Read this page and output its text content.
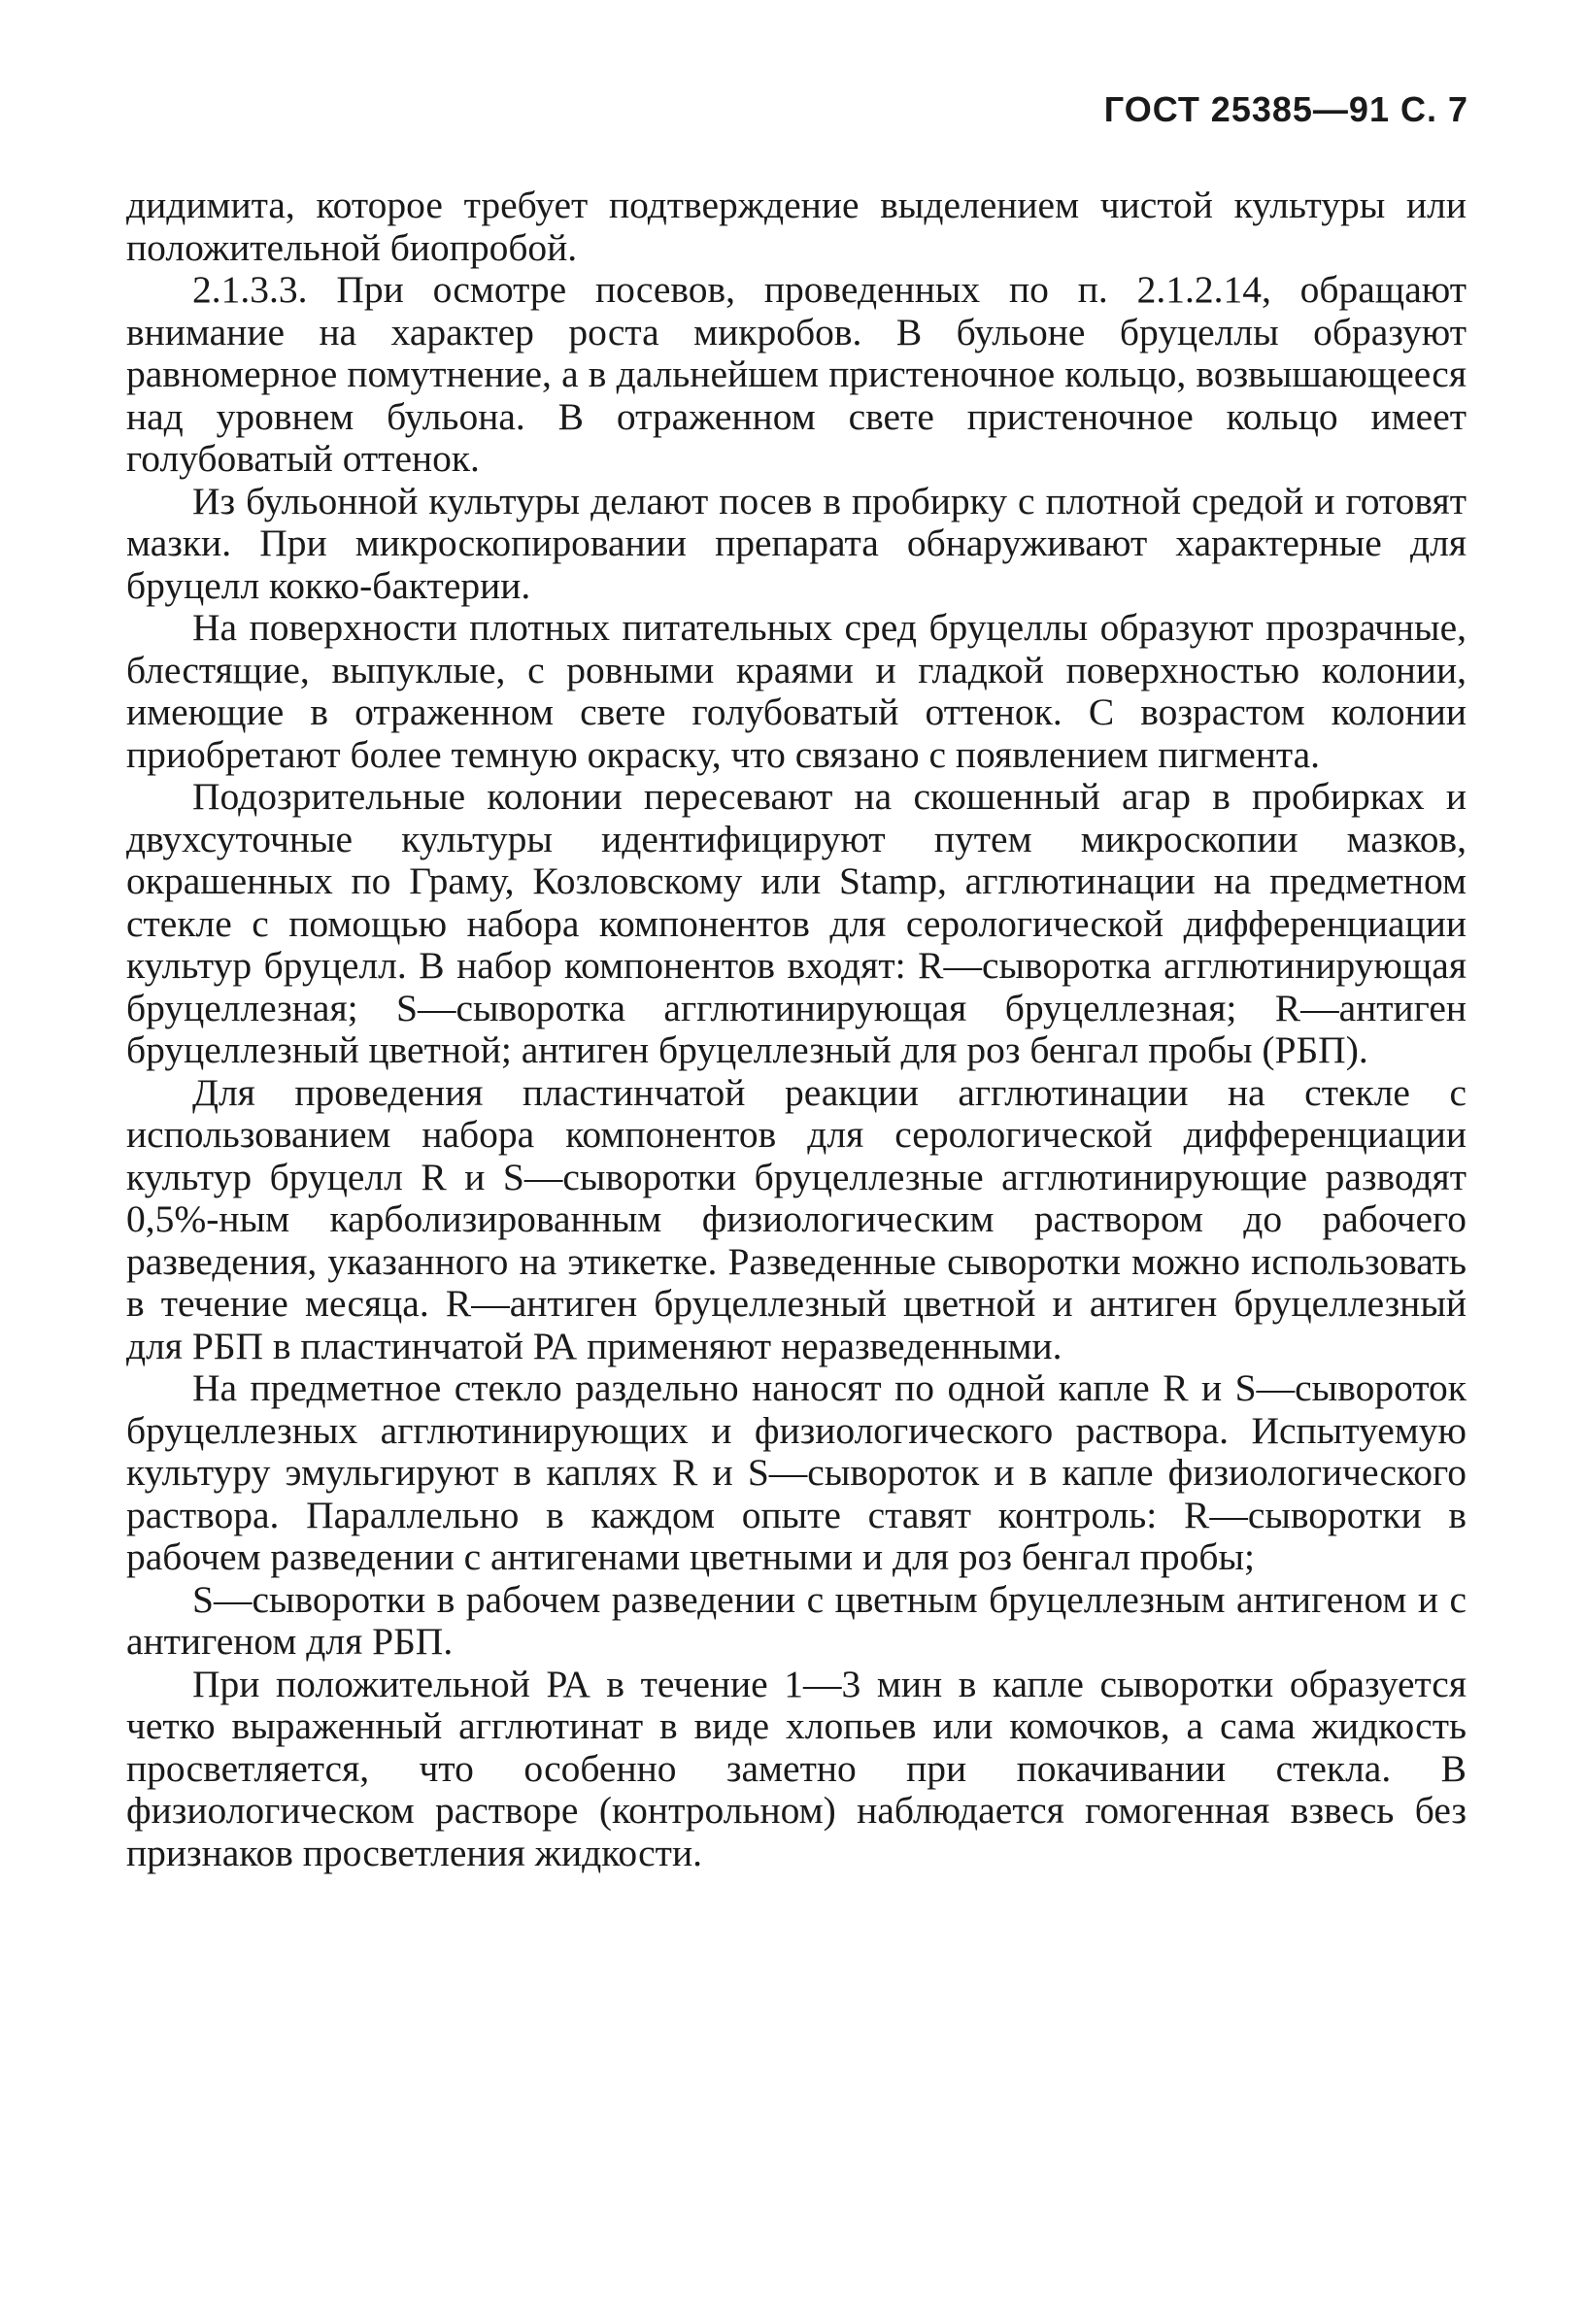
ГОСТ 25385—91 С. 7

дидимита, которое требует подтверждение выделением чистой культуры или положительной биопробой.

2.1.3.3. При осмотре посевов, проведенных по п. 2.1.2.14, обращают внимание на характер роста микробов. В бульоне бруцеллы образуют равномерное помутнение, а в дальнейшем пристеночное кольцо, возвышающееся над уровнем бульона. В отраженном свете пристеночное кольцо имеет голубоватый оттенок.

Из бульонной культуры делают посев в пробирку с плотной средой и готовят мазки. При микроскопировании препарата обнаруживают характерные для бруцелл кокко-бактерии.

На поверхности плотных питательных сред бруцеллы образуют прозрачные, блестящие, выпуклые, с ровными краями и гладкой поверхностью колонии, имеющие в отраженном свете голубоватый оттенок. С возрастом колонии приобретают более темную окраску, что связано с появлением пигмента.

Подозрительные колонии пересевают на скошенный агар в пробирках и двухсуточные культуры идентифицируют путем микроскопии мазков, окрашенных по Граму, Козловскому или Stamp, агглютинации на предметном стекле с помощью набора компонентов для серологической дифференциации культур бруцелл. В набор компонентов входят: R—сыворотка агглютинирующая бруцеллезная; S—сыворотка агглютинирующая бруцеллезная; R—антиген бруцеллезный цветной; антиген бруцеллезный для роз бенгал пробы (РБП).

Для проведения пластинчатой реакции агглютинации на стекле с использованием набора компонентов для серологической дифференциации культур бруцелл R и S—сыворотки бруцеллезные агглютинирующие разводят 0,5%-ным карболизированным физиологическим раствором до рабочего разведения, указанного на этикетке. Разведенные сыворотки можно использовать в течение месяца. R—антиген бруцеллезный цветной и антиген бруцеллезный для РБП в пластинчатой РА применяют неразведенными.

На предметное стекло раздельно наносят по одной капле R и S—сывороток бруцеллезных агглютинирующих и физиологического раствора. Испытуемую культуру эмульгируют в каплях R и S—сывороток и в капле физиологического раствора. Параллельно в каждом опыте ставят контроль: R—сыворотки в рабочем разведении с антигенами цветными и для роз бенгал пробы;

S—сыворотки в рабочем разведении с цветным бруцеллезным антигеном и с антигеном для РБП.

При положительной РА в течение 1—3 мин в капле сыворотки образуется четко выраженный агглютинат в виде хлопьев или комочков, а сама жидкость просветляется, что особенно заметно при покачивании стекла. В физиологическом растворе (контрольном) наблюдается гомогенная взвесь без признаков просветления жидкости.
